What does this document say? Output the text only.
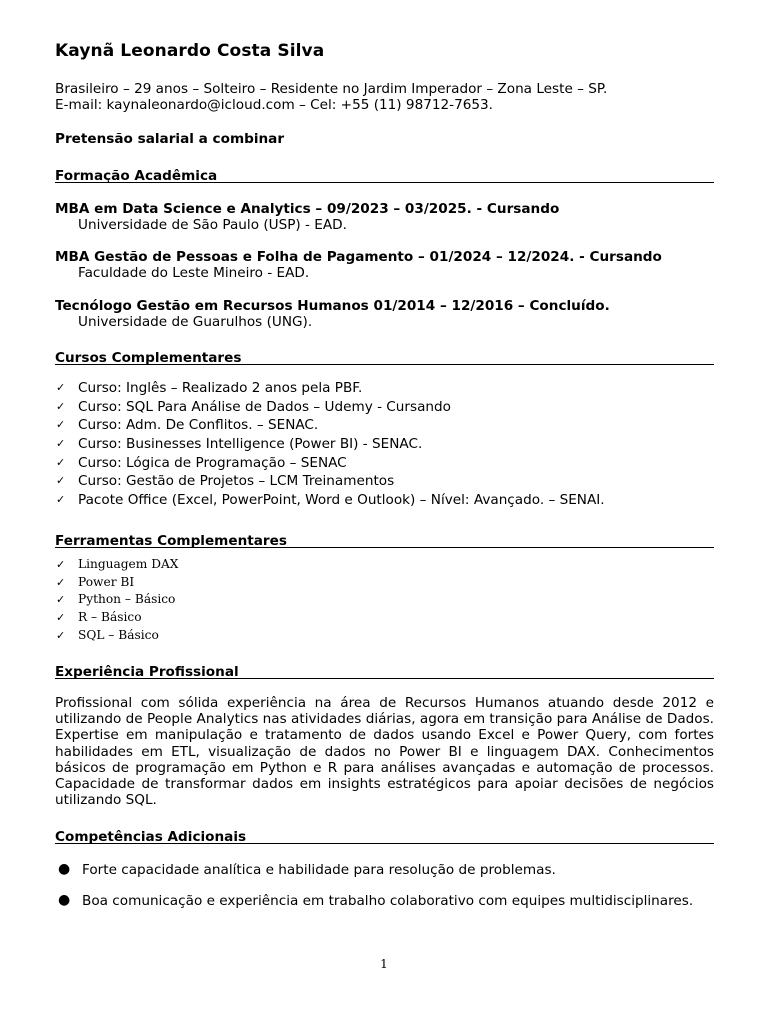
Kaynã Leonardo Costa Silva
Brasileiro – 29 anos – Solteiro – Residente no Jardim Imperador – Zona Leste – SP.
E-mail: kaynaleonardo@icloud.com – Cel: +55 (11) 98712-7653.
Pretensão salarial a combinar
Formação Acadêmica
MBA em Data Science e Analytics – 09/2023 – 03/2025. - Cursando
Universidade de São Paulo (USP) - EAD.
MBA Gestão de Pessoas e Folha de Pagamento – 01/2024 – 12/2024. - Cursando
Faculdade do Leste Mineiro - EAD.
Tecnólogo Gestão em Recursos Humanos 01/2014 – 12/2016 – Concluído.
Universidade de Guarulhos (UNG).
Cursos Complementares
✓ Curso: Inglês – Realizado 2 anos pela PBF.
✓ Curso: SQL Para Análise de Dados – Udemy - Cursando
✓ Curso: Adm. De Conflitos. – SENAC.
✓ Curso: Businesses Intelligence (Power BI) - SENAC.
✓ Curso: Lógica de Programação – SENAC
✓ Curso: Gestão de Projetos – LCM Treinamentos
✓ Pacote Office (Excel, PowerPoint, Word e Outlook) – Nível: Avançado. – SENAI.
Ferramentas Complementares
✓ Linguagem DAX
✓ Power BI
✓ Python – Básico
✓ R – Básico
✓ SQL – Básico
Experiência Profissional
Profissional com sólida experiência na área de Recursos Humanos atuando desde 2012 e utilizando de People Analytics nas atividades diárias, agora em transição para Análise de Dados. Expertise em manipulação e tratamento de dados usando Excel e Power Query, com fortes habilidades em ETL, visualização de dados no Power BI e linguagem DAX. Conhecimentos básicos de programação em Python e R para análises avançadas e automação de processos. Capacidade de transformar dados em insights estratégicos para apoiar decisões de negócios utilizando SQL.
Competências Adicionais
● Forte capacidade analítica e habilidade para resolução de problemas.
● Boa comunicação e experiência em trabalho colaborativo com equipes multidisciplinares.
1
